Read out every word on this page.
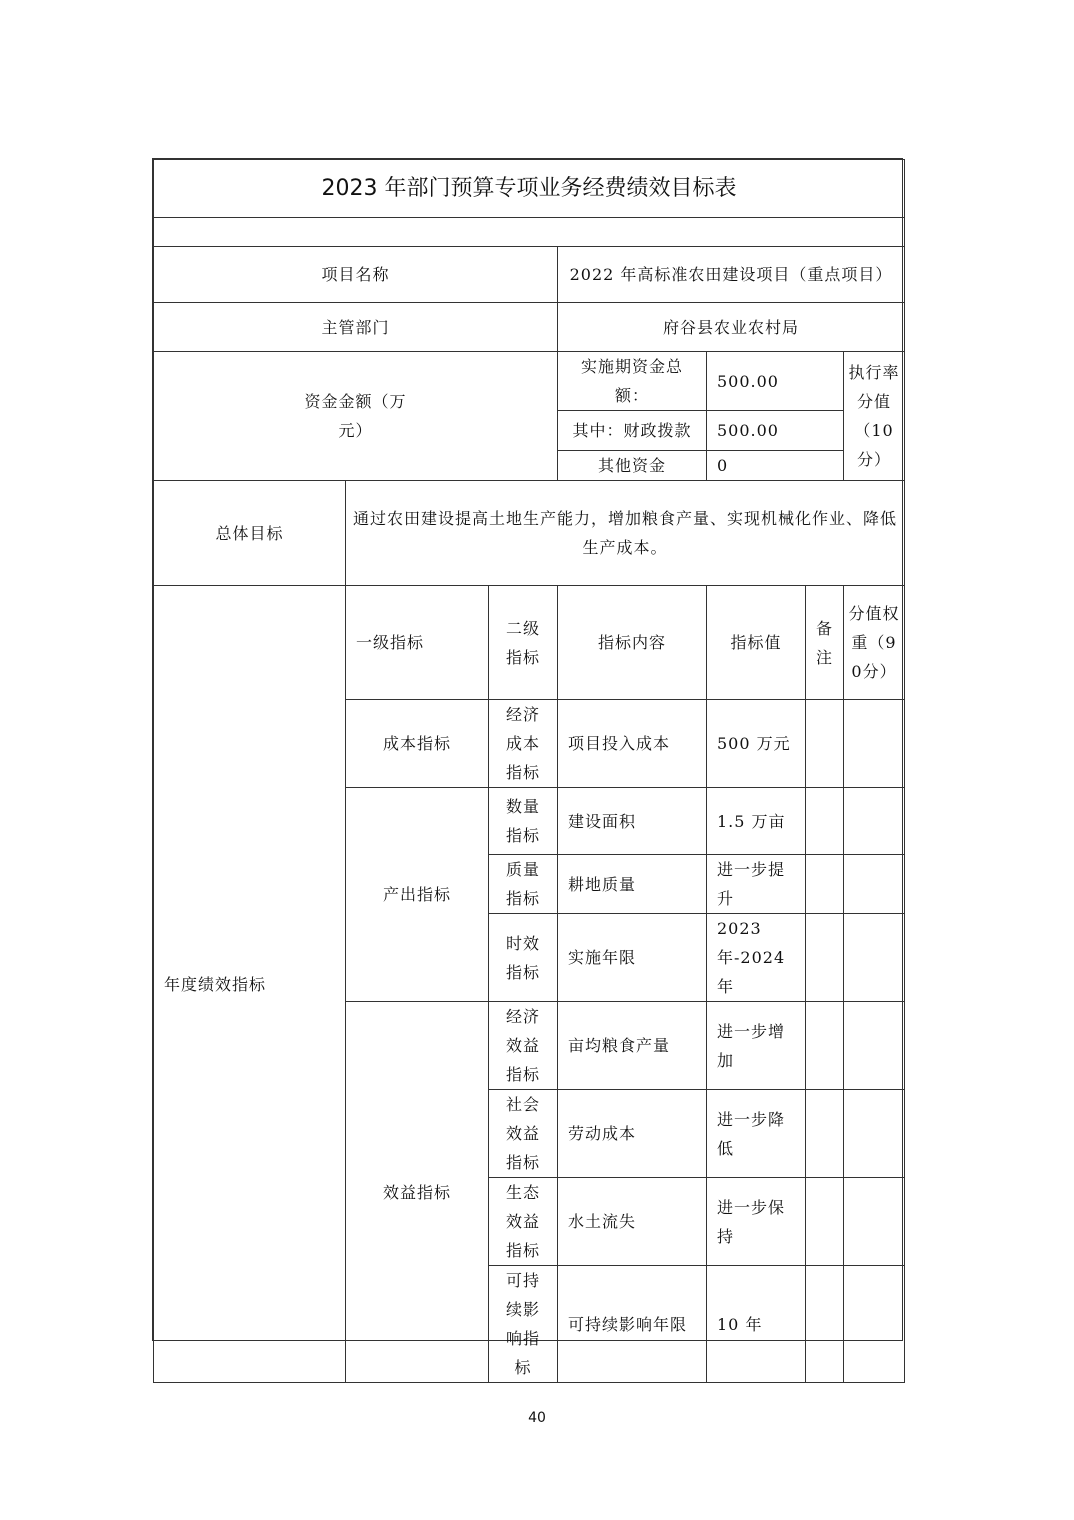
2023 年部门预算专项业务经费绩效目标表						

项目名称			2022 年高标准农田建设项目（重点项目）			
主管部门			府谷县农业农村局			
资金金额（万元）			实施期资金总额：	500.00		执行率分值（10分）
			其中：财政拨款	500.00		
			其他资金	0		
总体目标	通过农田建设提高土地生产能力，增加粮食产量、实现机械化作业、降低生产成本。					
年度绩效指标	一级指标	二级指标	指标内容	指标值	备注	分值权重（90分）
	成本指标	经济成本指标	项目投入成本	500 万元		
	产出指标	数量指标	建设面积	1.5 万亩		
		质量指标	耕地质量	进一步提升		
		时效指标	实施年限	2023 年-2024 年		
	效益指标	经济效益指标	亩均粮食产量	进一步增加		
		社会效益指标	劳动成本	进一步降低		
		生态效益指标	水土流失	进一步保持		
		可持续影响指标	可持续影响年限	10 年		
40
